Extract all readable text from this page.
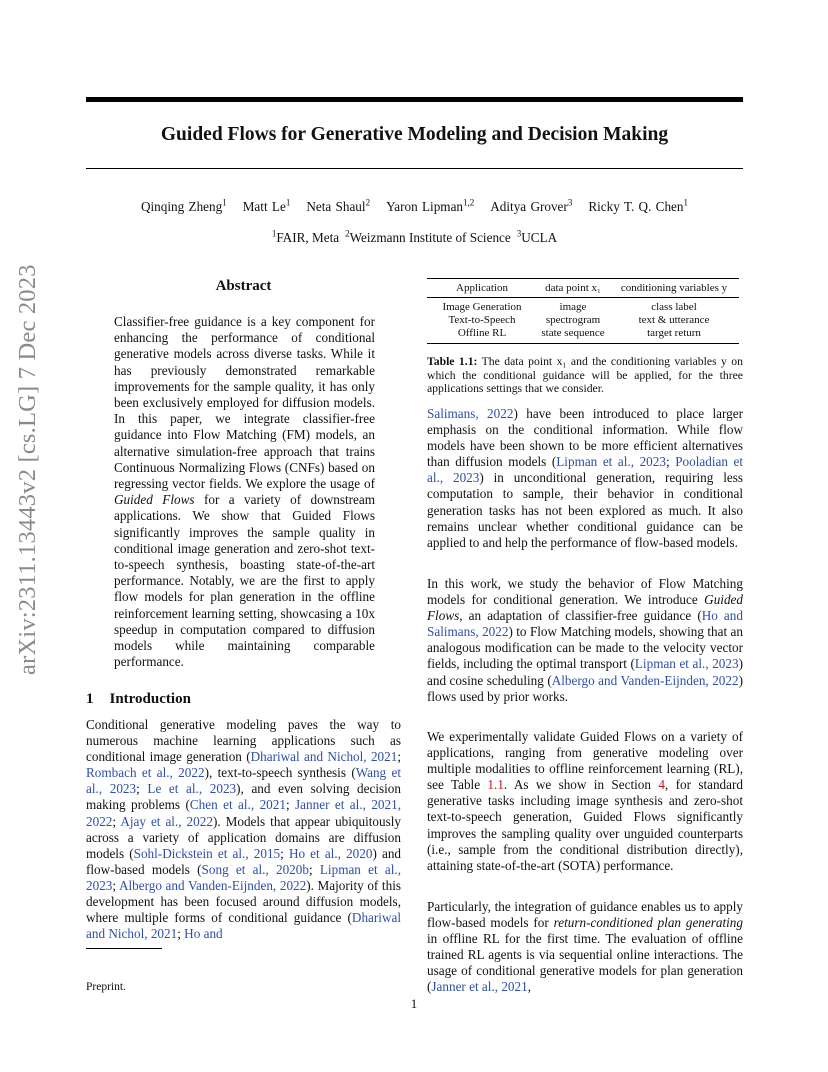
Guided Flows for Generative Modeling and Decision Making
Qinqing Zheng$^1$ Matt Le$^1$ Neta Shaul$^2$ Yaron Lipman$^{1,2}$ Aditya Grover$^3$ Ricky T. Q. Chen$^1$
$^1$FAIR, Meta $^2$Weizmann Institute of Science $^3$UCLA
arXiv:2311.13443v2 [cs.LG] 7 Dec 2023	Abstract
Classifier-free guidance is a key component for enhancing the performance of conditional generative models across diverse tasks. While it has previously demonstrated remarkable improvements for the sample quality, it has only been exclusively employed for diffusion models. In this paper, we integrate classifier-free guidance into Flow Matching (FM) models, an alternative simulation-free approach that trains Continuous Normalizing Flows (CNFs) based on regressing vector fields. We explore the usage of Guided Flows for a variety of downstream applications. We show that Guided Flows significantly improves the sample quality in conditional image generation and zero-shot text-to-speech synthesis, boasting state-of-the-art performance. Notably, we are the first to apply flow models for plan generation in the offline reinforcement learning setting, showcasing a 10x speedup in computation compared to diffusion models while maintaining comparable performance.
1 Introduction
Conditional generative modeling paves the way to numerous machine learning applications such as conditional image generation (Dhariwal and Nichol, 2021; Rombach et al., 2022), text-to-speech synthesis (Wang et al., 2023; Le et al., 2023), and even solving decision making problems (Chen et al., 2021; Janner et al., 2021, 2022; Ajay et al., 2022). Models that appear ubiquitously across a variety of application domains are diffusion models (Sohl-Dickstein et al., 2015; Ho et al., 2020) and flow-based models (Song et al., 2020b; Lipman et al., 2023; Albergo and Vanden-Eijnden, 2022). Majority of this development has been focused around diffusion models, where multiple forms of conditional guidance (Dhariwal and Nichol, 2021; Ho and
Preprint.
1
Application	data point x₁	conditioning variables y
Image Generation	image	class label
Text-to-Speech	spectrogram	text & utterance
Offline RL	state sequence	target return
Table 1.1: The data point x₁ and the conditioning variables y on which the conditional guidance will be applied, for the three applications settings that we consider.
Salimans, 2022) have been introduced to place larger emphasis on the conditional information. While flow models have been shown to be more efficient alternatives than diffusion models (Lipman et al., 2023; Pooladian et al., 2023) in unconditional generation, requiring less computation to sample, their behavior in conditional generation tasks has not been explored as much. It also remains unclear whether conditional guidance can be applied to and help the performance of flow-based models.
In this work, we study the behavior of Flow Matching models for conditional generation. We introduce Guided Flows, an adaptation of classifier-free guidance (Ho and Salimans, 2022) to Flow Matching models, showing that an analogous modification can be made to the velocity vector fields, including the optimal transport (Lipman et al., 2023) and cosine scheduling (Albergo and Vanden-Eijnden, 2022) flows used by prior works.
We experimentally validate Guided Flows on a variety of applications, ranging from generative modeling over multiple modalities to offline reinforcement learning (RL), see Table 1.1. As we show in Section 4, for standard generative tasks including image synthesis and zero-shot text-to-speech generation, Guided Flows significantly improves the sampling quality over unguided counterparts (i.e., sample from the conditional distribution directly), attaining state-of-the-art (SOTA) performance.
Particularly, the integration of guidance enables us to apply flow-based models for return-conditioned plan generating in offline RL for the first time. The evaluation of offline trained RL agents is via sequential online interactions. The usage of conditional generative models for plan generation (Janner et al., 2021,
